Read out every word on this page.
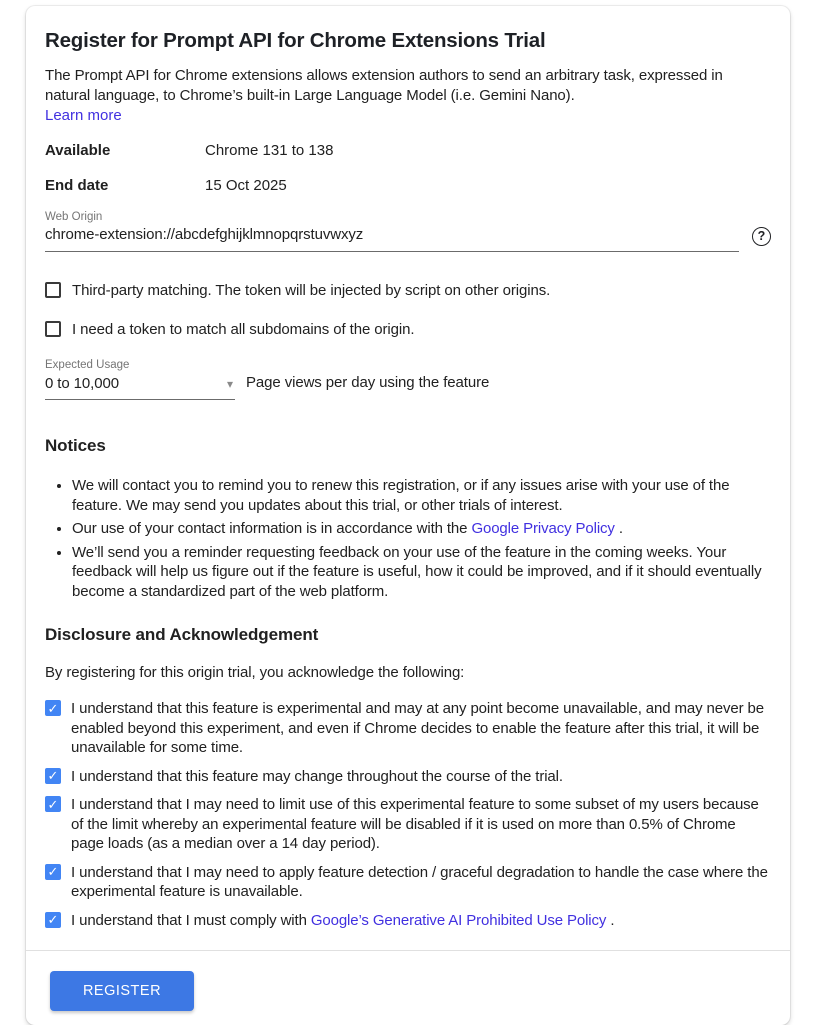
Register for Prompt API for Chrome Extensions Trial

The Prompt API for Chrome extensions allows extension authors to send an arbitrary task, expressed in natural language, to Chrome’s built-in Large Language Model (i.e. Gemini Nano).

Learn more
Available	Chrome 131 to 138
End date	15 Oct 2025
Web Origin
chrome-extension://abcdefghijklmnopqrstuvwxyz
?
Third-party matching. The token will be injected by script on other origins.
I need a token to match all subdomains of the origin.
Expected Usage
0 to 10,000	▾ Page views per day using the feature
Notices
• We will contact you to remind you to renew this registration, or if any issues arise with your use of the feature. We may send you updates about this trial, or other trials of interest.
• Our use of your contact information is in accordance with the Google Privacy Policy .
• We’ll send you a reminder requesting feedback on your use of the feature in the coming weeks. Your feedback will help us figure out if the feature is useful, how it could be improved, and if it should eventually become a standardized part of the web platform.
Disclosure and Acknowledgement

By registering for this origin trial, you acknowledge the following:

✓ I understand that this feature is experimental and may at any point become unavailable, and may never be enabled beyond this experiment, and even if Chrome decides to enable the feature after this trial, it will be unavailable for some time.
✓ I understand that this feature may change throughout the course of the trial.
✓ I understand that I may need to limit use of this experimental feature to some subset of my users because of the limit whereby an experimental feature will be disabled if it is used on more than 0.5% of Chrome page loads (as a median over a 14 day period).
✓ I understand that I may need to apply feature detection / graceful degradation to handle the case where the experimental feature is unavailable.
✓ I understand that I must comply with Google’s Generative AI Prohibited Use Policy .
REGISTER
